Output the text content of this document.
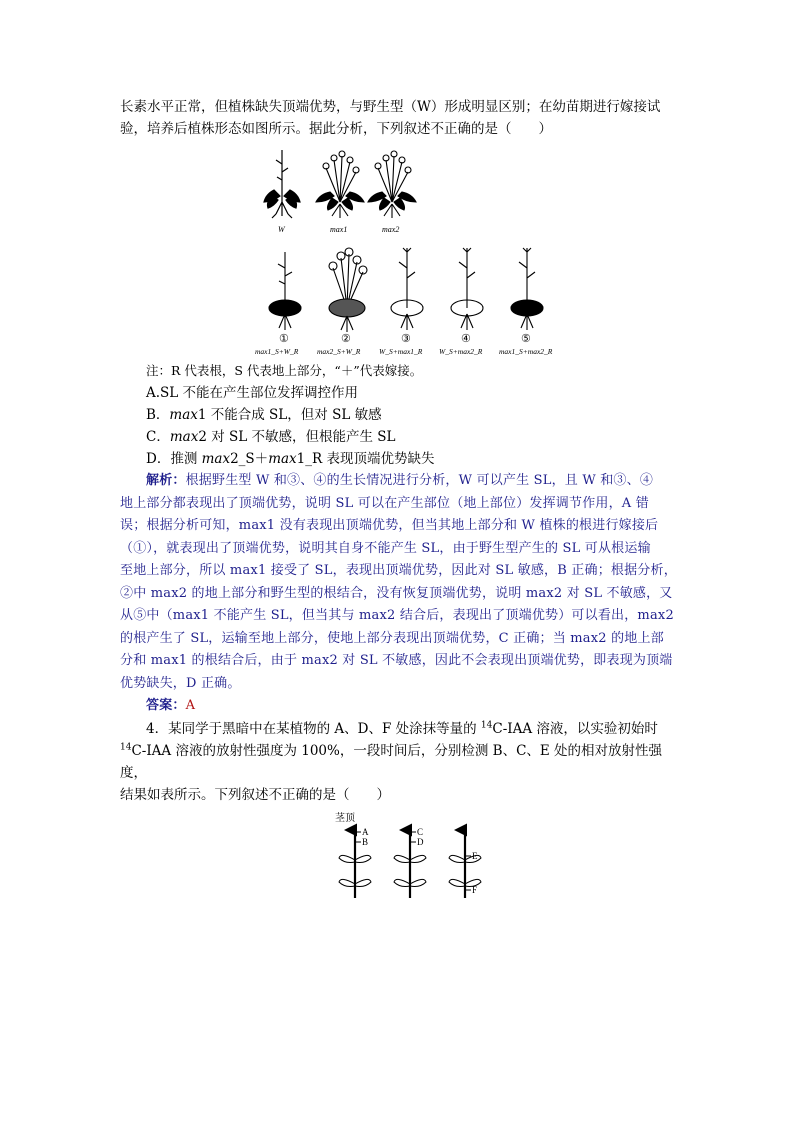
长素水平正常，但植株缺失顶端优势，与野生型（W）形成明显区别；在幼苗期进行嫁接试

验，培养后植株形态如图所示。据此分析，下列叙述不正确的是（　　）

W	max1	max2
①	②	③	④	⑤
max1_S+W_R max2_S+W_R W_S+max1_R W_S+max2_R max1_S+max2_R

注：R 代表根，S 代表地上部分，“＋”代表嫁接。

A.SL 不能在产生部位发挥调控作用

B．max1 不能合成 SL，但对 SL 敏感

C．max2 对 SL 不敏感，但根能产生 SL

D．推测 max2_S＋max1_R 表现顶端优势缺失

解析：根据野生型 W 和③、④的生长情况进行分析，W 可以产生 SL，且 W 和③、④

地上部分都表现出了顶端优势，说明 SL 可以在产生部位（地上部位）发挥调节作用，A 错

误；根据分析可知，max1 没有表现出顶端优势，但当其地上部分和 W 植株的根进行嫁接后

（①），就表现出了顶端优势，说明其自身不能产生 SL，由于野生型产生的 SL 可从根运输

至地上部分，所以 max1 接受了 SL，表现出顶端优势，因此对 SL 敏感，B 正确；根据分析，

②中 max2 的地上部分和野生型的根结合，没有恢复顶端优势，说明 max2 对 SL 不敏感，又

从⑤中（max1 不能产生 SL，但当其与 max2 结合后，表现出了顶端优势）可以看出，max2

的根产生了 SL，运输至地上部分，使地上部分表现出顶端优势，C 正确；当 max2 的地上部

分和 max1 的根结合后，由于 max2 对 SL 不敏感，因此不会表现出顶端优势，即表现为顶端

优势缺失，D 正确。

答案：A

4．某同学于黑暗中在某植物的 A、D、F 处涂抹等量的 $^{14}$C-IAA 溶液，以实验初始时

$^{14}$C-IAA 溶液的放射性强度为 100%，一段时间后，分别检测 B、C、E 处的相对放射性强度，

结果如表所示。下列叙述不正确的是（　　）

茎顶
A
B
C
D
E
F
